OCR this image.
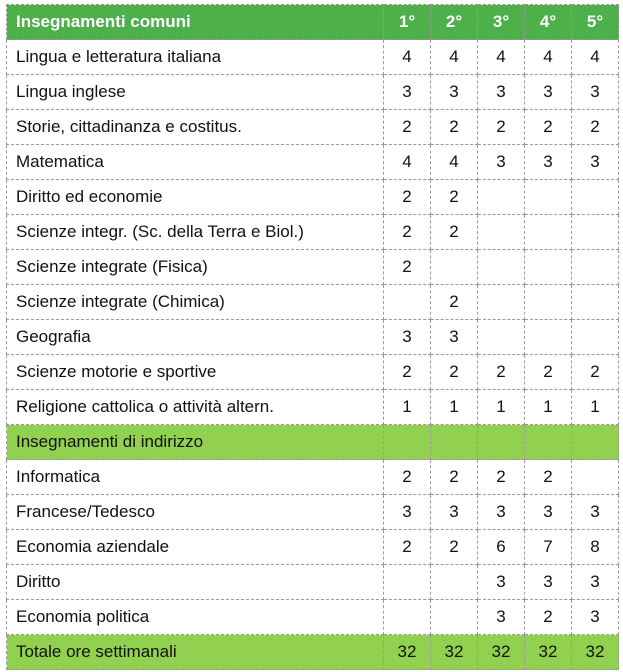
Insegnamenti comuni	1°	2°	3°	4°	5°
Lingua e letteratura italiana	4	4	4	4	4
Lingua inglese	3	3	3	3	3
Storie, cittadinanza e costitus.	2	2	2	2	2
Matematica	4	4	3	3	3
Diritto ed economie	2	2			
Scienze integr. (Sc. della Terra e Biol.)	2	2			
Scienze integrate (Fisica)	2				
Scienze integrate (Chimica)		2			
Geografia	3	3			
Scienze motorie e sportive	2	2	2	2	2
Religione cattolica o attività altern.	1	1	1	1	1
Insegnamenti di indirizzo					
Informatica	2	2	2	2	
Francese/Tedesco	3	3	3	3	3
Economia aziendale	2	2	6	7	8
Diritto			3	3	3
Economia politica			3	2	3
Totale ore settimanali	32	32	32	32	32
